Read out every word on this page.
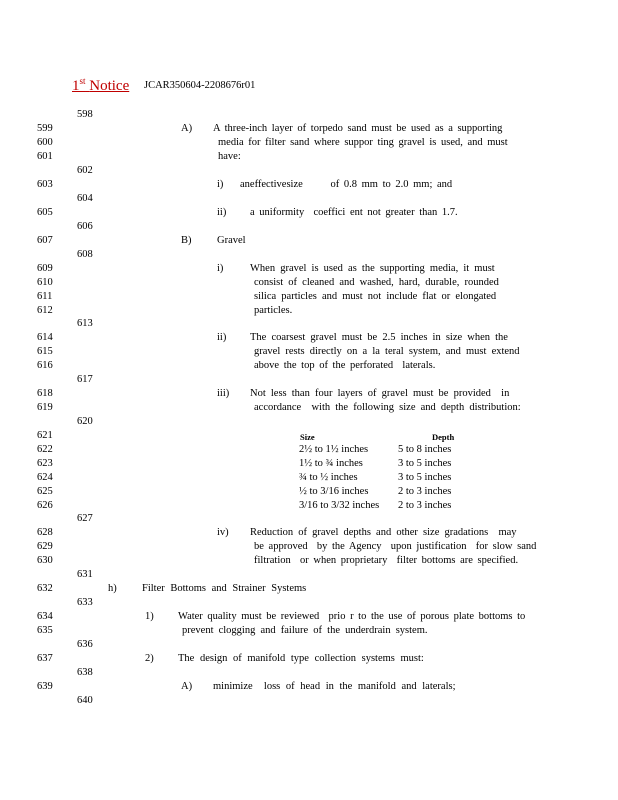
1st Notice JCAR350604-2208676r01
598
599
600
601
602
603
604
605
606
607
608
609
610
611
612
613
614
615
616
617
618
619
620
621
622
623
624
625
626
627
628
629
630
631
632
633
634
635
636
637
638
639
640
A) A three-inch layer of torpedo sand must be used as a supporting
media for filter sand where suppor ting gravel is used, and must
have:
i) aneffectivesize      of 0.8 mm to 2.0 mm; and
ii) a uniformity  coeffici ent not greater than 1.7.
B) Gravel
i)	When gravel is used as the supporting media, it must
consist of cleaned and washed, hard, durable, rounded
silica particles and must not include flat or elongated
particles.
ii) The coarsest gravel must be 2.5 inches in size when the
gravel rests directly on a la teral system, and must extend
above the top of the perforated  laterals.
iii) Not less than four layers of gravel must be provided  in
accordance  with the following size and depth distribution:
Size	Depth
2½ to 1½ inches	5 to 8 inches
1½ to ¾ inches	3 to 5 inches
¾ to ½ inches	3 to 5 inches
½ to 3/16 inches	2 to 3 inches
3/16 to 3/32 inches 2 to 3 inches
iv) Reduction of gravel depths and other size gradations  may
be approved  by the Agency  upon justification  for slow sand
filtration  or when proprietary  filter bottoms are specified.
h) Filter Bottoms and Strainer Systems
1) Water quality must be reviewed  prio r to the use of porous plate bottoms to
prevent clogging and failure of the underdrain system.
2) The design of manifold type collection systems must:
A) minimize  loss of head in the manifold and laterals;
